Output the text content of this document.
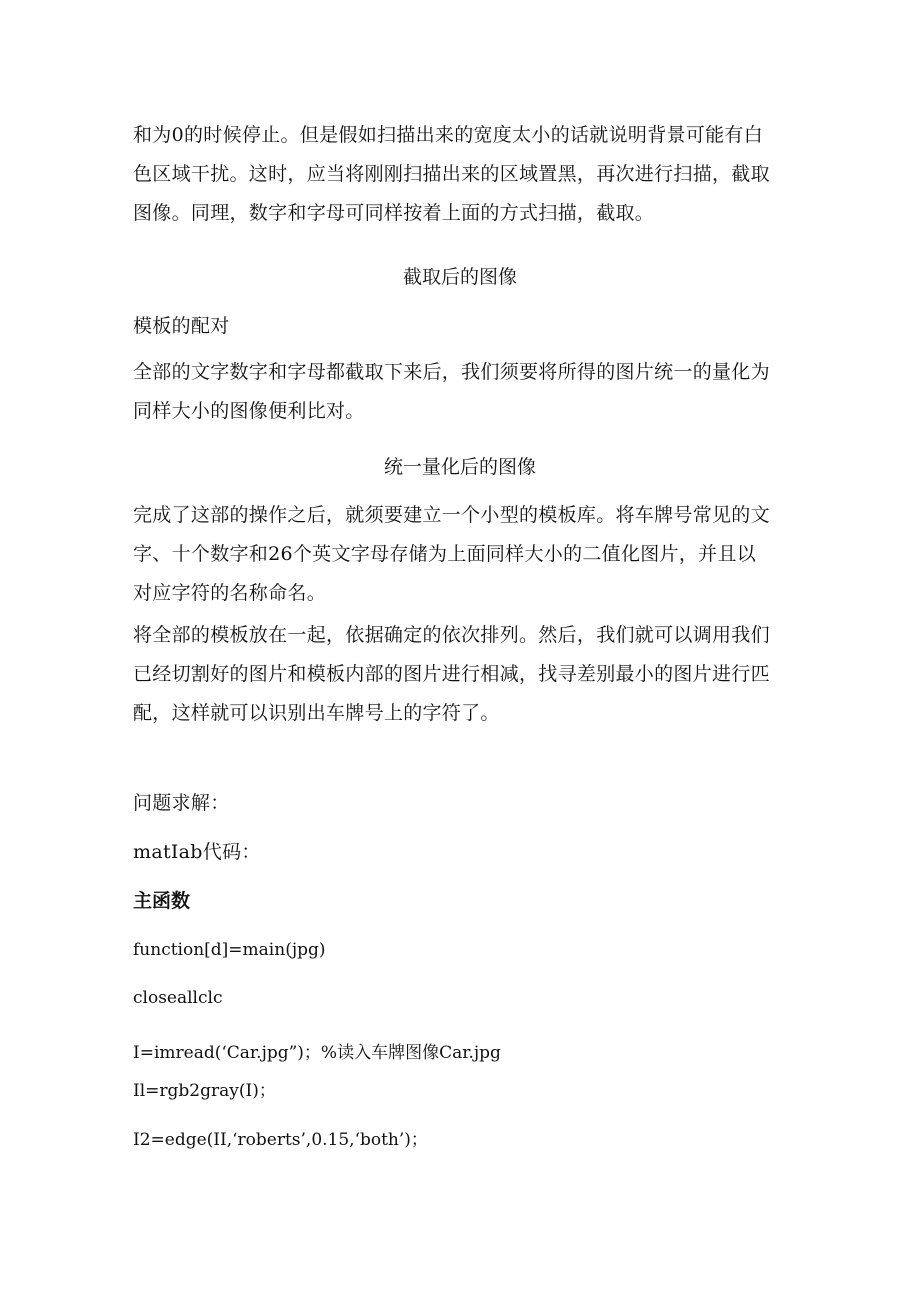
和为0的时候停止。但是假如扫描出来的宽度太小的话就说明背景可能有白
色区域干扰。这时，应当将刚刚扫描出来的区域置黑，再次进行扫描，截取
图像。同理，数字和字母可同样按着上面的方式扫描，截取。

截取后的图像

模板的配对

全部的文字数字和字母都截取下来后，我们须要将所得的图片统一的量化为
同样大小的图像便利比对。

统一量化后的图像

完成了这部的操作之后，就须要建立一个小型的模板库。将车牌号常见的文
字、十个数字和26个英文字母存储为上面同样大小的二值化图片，并且以
对应字符的名称命名。

将全部的模板放在一起，依据确定的依次排列。然后，我们就可以调用我们
已经切割好的图片和模板内部的图片进行相减，找寻差别最小的图片进行匹
配，这样就可以识别出车牌号上的字符了。

问题求解：

matIab代码：

主函数

function[d]=main(jpg)

closeallclc

I=imread(‘Car.jpg”)；%读入车牌图像Car.jpg

Il=rgb2gray(I)；

I2=edge(II,‘roberts’,0.15,‘both’)；
